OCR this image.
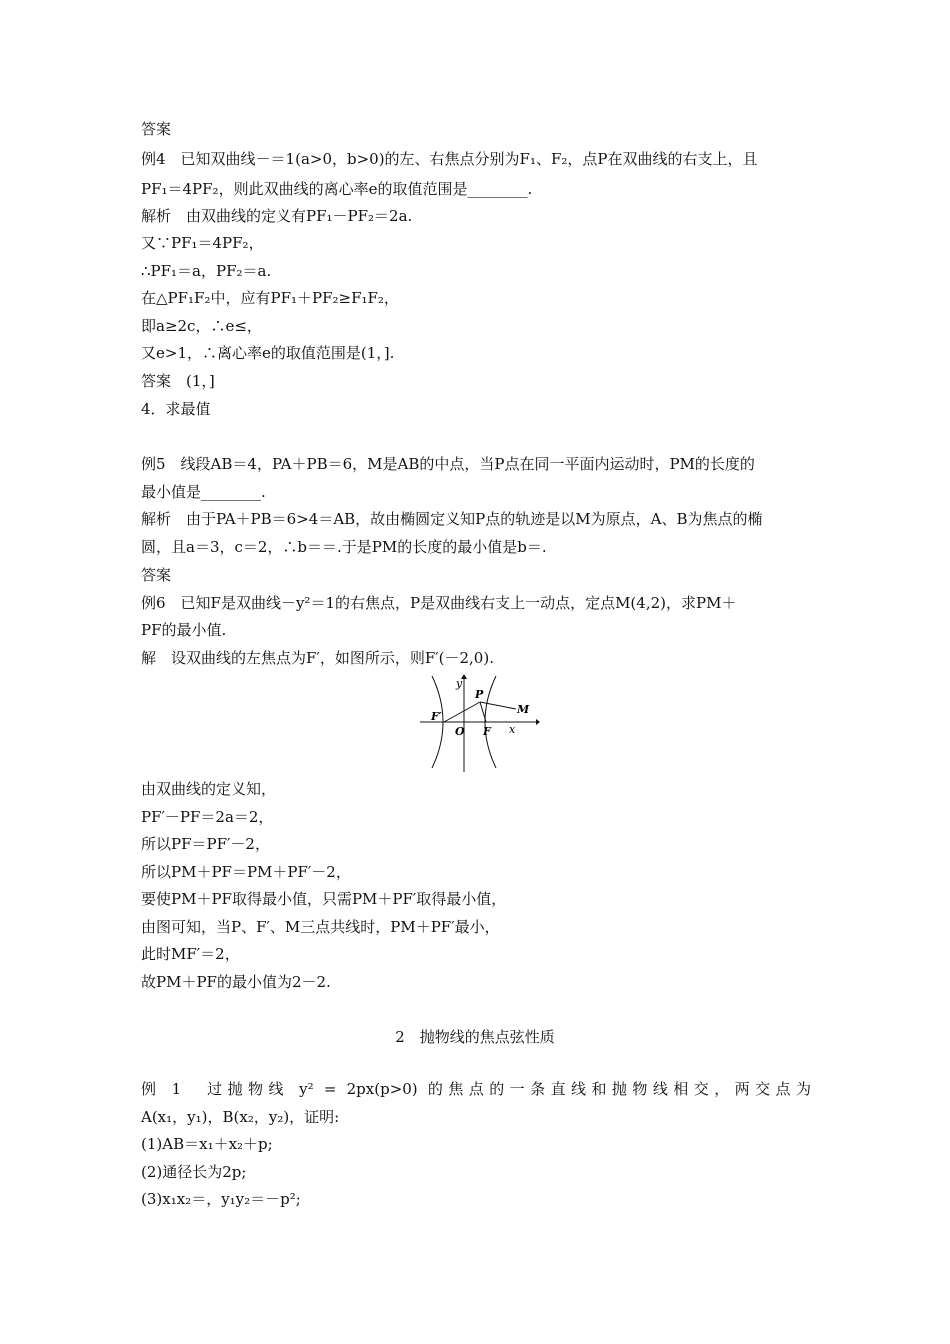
答案
例4　已知双曲线－＝1(a>0，b>0)的左、右焦点分别为F₁、F₂，点P在双曲线的右支上，且
PF₁＝4PF₂，则此双曲线的离心率e的取值范围是________.
解析　由双曲线的定义有PF₁－PF₂＝2a.
又∵PF₁＝4PF₂，
∴PF₁＝a，PF₂＝a.
在△PF₁F₂中，应有PF₁＋PF₂≥F₁F₂，
即a≥2c，∴e≤，
又e>1，∴离心率e的取值范围是(1，].
答案　(1，]
4．求最值
例5　线段AB＝4，PA＋PB＝6，M是AB的中点，当P点在同一平面内运动时，PM的长度的
最小值是________.
解析　由于PA＋PB＝6>4＝AB，故由椭圆定义知P点的轨迹是以M为原点，A、B为焦点的椭
圆，且a＝3，c＝2，∴b＝＝.于是PM的长度的最小值是b＝.
答案
例6　已知F是双曲线－y²＝1的右焦点，P是双曲线右支上一动点，定点M(4,2)，求PM＋
PF的最小值.
解　设双曲线的左焦点为F′，如图所示，则F′(－2,0).
y
x
P
M
F′
O F
由双曲线的定义知，
PF′－PF＝2a＝2，
所以PF＝PF′－2，
所以PM＋PF＝PM＋PF′－2，
要使PM＋PF取得最小值，只需PM＋PF′取得最小值，
由图可知，当P、F′、M三点共线时，PM＋PF′最小，
此时MF′＝2，
故PM＋PF的最小值为2－2.
2　抛物线的焦点弦性质
例 1　过抛物线 y² = 2px(p>0) 的焦点的一条直线和抛物线相交，两交点为
A(x₁，y₁)，B(x₂，y₂)，证明:
(1)AB＝x₁＋x₂＋p;
(2)通径长为2p;
(3)x₁x₂＝，y₁y₂＝－p²;
